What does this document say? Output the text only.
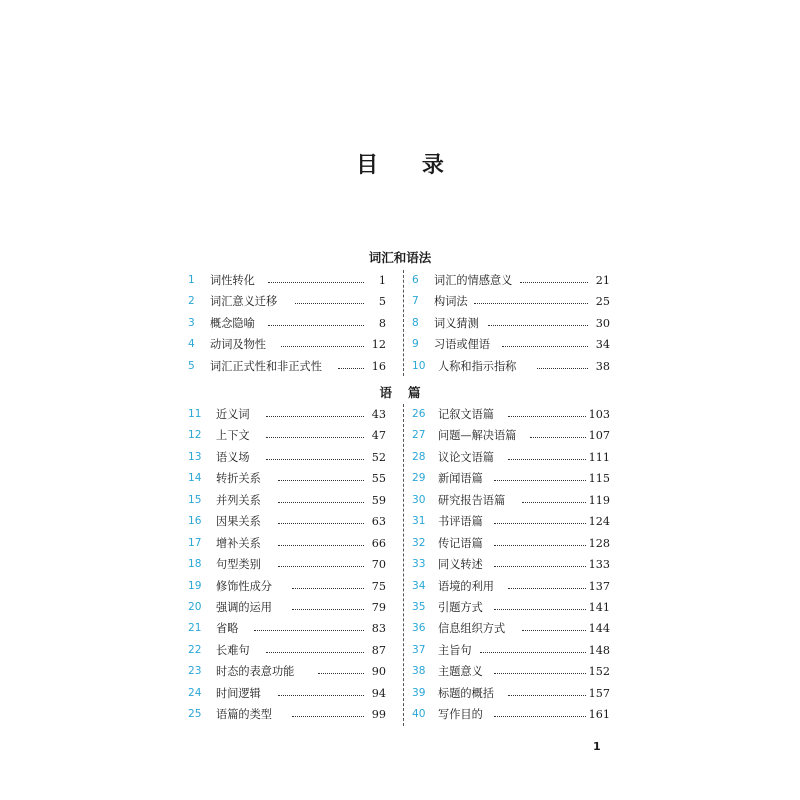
目 录
词汇和语法
1 词性转化	1
2 词汇意义迁移	5
3 概念隐喻	8
4 动词及物性	12
5 词汇正式性和非正式性	16
6 词汇的情感意义	21
7 构词法	25
8 词义猜测	30
9 习语或俚语	34
10 人称和指示指称	38
语篇
11 近义词	43
12 上下文	47
13 语义场	52
14 转折关系	55
15 并列关系	59
16 因果关系	63
17 增补关系	66
18 句型类别	70
19 修饰性成分	75
20 强调的运用	79
21 省略	83
22 长难句	87
23 时态的表意功能	90
24 时间逻辑	94
25 语篇的类型	99
26 记叙文语篇	103
27 问题—解决语篇	107
28 议论文语篇	111
29 新闻语篇	115
30 研究报告语篇	119
31 书评语篇	124
32 传记语篇	128
33 同义转述	133
34 语境的利用	137
35 引题方式	141
36 信息组织方式	144
37 主旨句	148
38 主题意义	152
39 标题的概括	157
40 写作目的	161

1
